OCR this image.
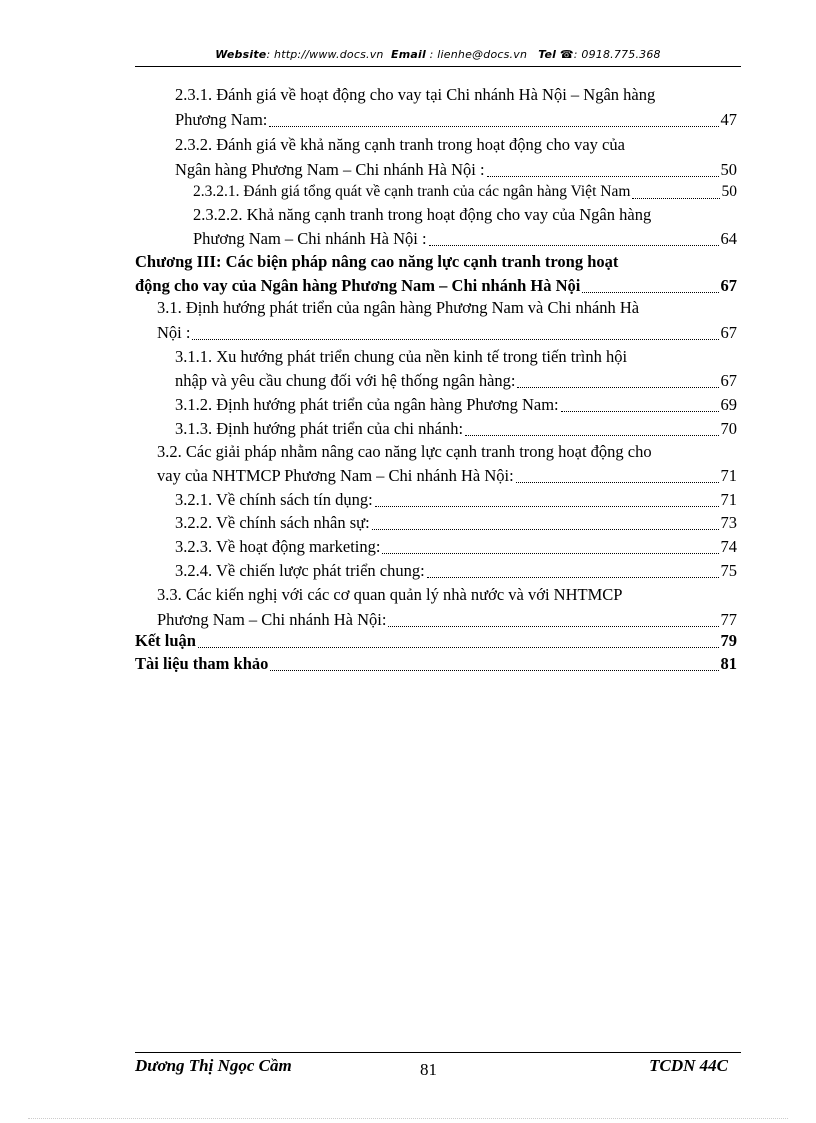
Website: http://www.docs.vn Email : lienhe@docs.vn Tel ☎: 0918.775.368
2.3.1. Đánh giá về hoạt động cho vay tại Chi nhánh Hà Nội – Ngân hàng
Phương Nam:	47
2.3.2. Đánh giá về khả năng cạnh tranh trong hoạt động cho vay của
Ngân hàng Phương Nam – Chi nhánh Hà Nội :	50
2.3.2.1. Đánh giá tổng quát về cạnh tranh của các ngân hàng Việt Nam	50
2.3.2.2. Khả năng cạnh tranh trong hoạt động cho vay của Ngân hàng
Phương Nam – Chi nhánh Hà Nội :	64
Chương III: Các biện pháp nâng cao năng lực cạnh tranh trong hoạt
động cho vay của Ngân hàng Phương Nam – Chi nhánh Hà Nội	67
3.1. Định hướng phát triển của ngân hàng Phương Nam và Chi nhánh Hà
Nội :	67
3.1.1. Xu hướng phát triển chung của nền kinh tế trong tiến trình hội
nhập và yêu cầu chung đối với hệ thống ngân hàng:	67
3.1.2. Định hướng phát triển của ngân hàng Phương Nam:	69
3.1.3. Định hướng phát triển của chi nhánh:	70
3.2. Các giải pháp nhằm nâng cao năng lực cạnh tranh trong hoạt động cho
vay của NHTMCP Phương Nam – Chi nhánh Hà Nội:	71
3.2.1. Về chính sách tín dụng:	71
3.2.2. Về chính sách nhân sự:	73
3.2.3. Về hoạt động marketing:	74
3.2.4. Về chiến lược phát triển chung:	75
3.3. Các kiến nghị với các cơ quan quản lý nhà nước và với NHTMCP
Phương Nam – Chi nhánh Hà Nội:	77
Kết luận	79
Tài liệu tham khảo	81
Dương Thị Ngọc Cầm	81	TCDN 44C
